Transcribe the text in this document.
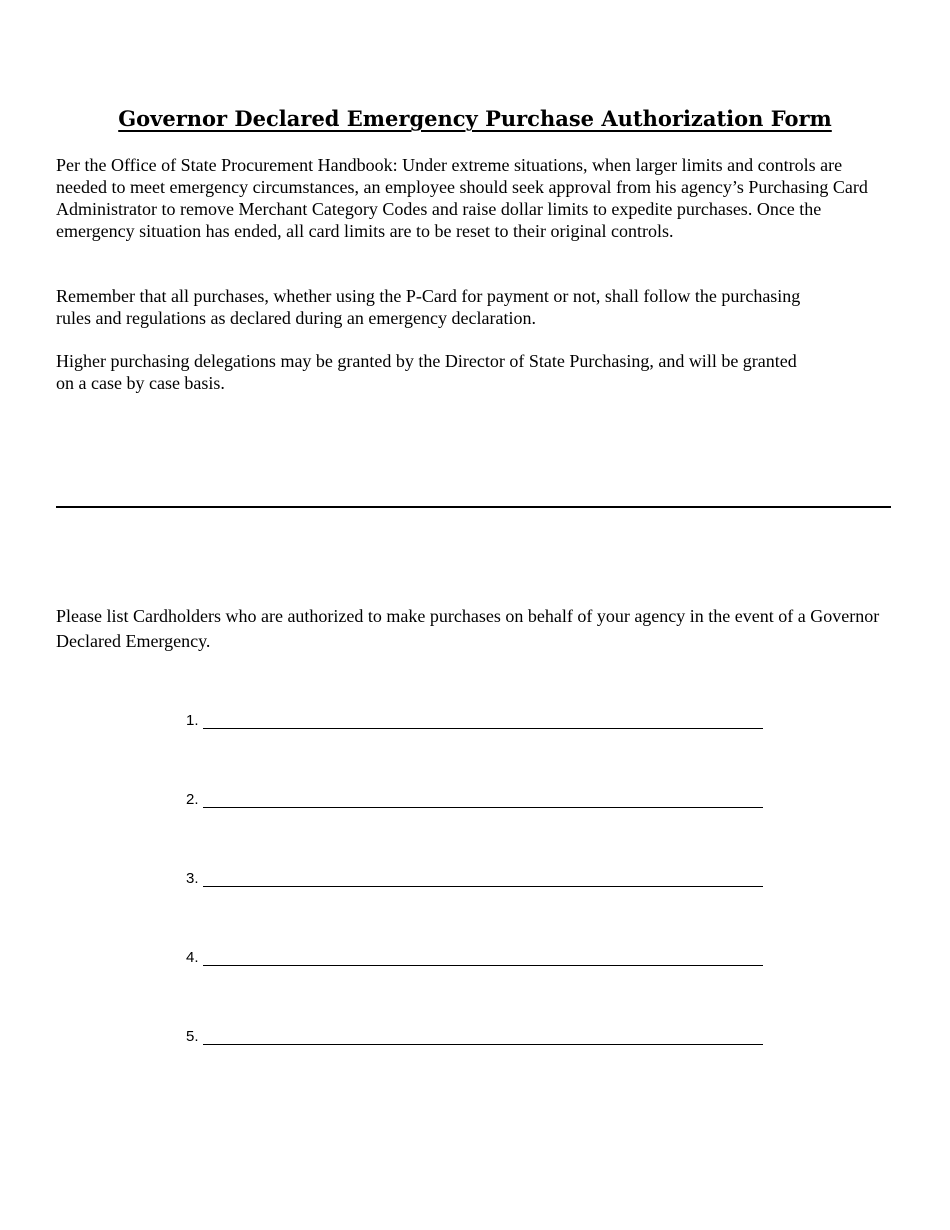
Governor Declared Emergency Purchase Authorization Form

Per the Office of State Procurement Handbook: Under extreme situations, when larger limits and controls are needed to meet emergency circumstances, an employee should seek approval from his agency’s Purchasing Card Administrator to remove Merchant Category Codes and raise dollar limits to expedite purchases. Once the emergency situation has ended, all card limits are to be reset to their original controls.

Remember that all purchases, whether using the P-Card for payment or not, shall follow the purchasing rules and regulations as declared during an emergency declaration.

Higher purchasing delegations may be granted by the Director of State Purchasing, and will be granted on a case by case basis.

Please list Cardholders who are authorized to make purchases on behalf of your agency in the event of a Governor Declared Emergency.

1.
2.
3.
4.
5.
